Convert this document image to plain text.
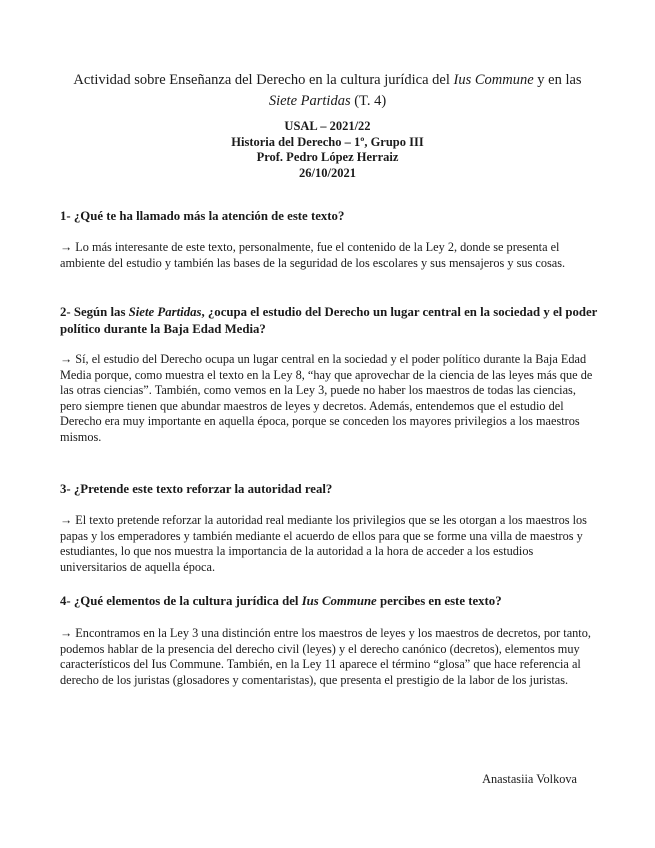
Actividad sobre Enseñanza del Derecho en la cultura jurídica del Ius Commune y en las
Siete Partidas (T. 4)
USAL – 2021/22
Historia del Derecho – 1º, Grupo III
Prof. Pedro López Herraiz
26/10/2021
1- ¿Qué te ha llamado más la atención de este texto?
→ Lo más interesante de este texto, personalmente, fue el contenido de la Ley 2, donde se presenta el ambiente del estudio y también las bases de la seguridad de los escolares y sus mensajeros y sus cosas.
2- Según las Siete Partidas, ¿ocupa el estudio del Derecho un lugar central en la sociedad y el poder político durante la Baja Edad Media?
→ Sí, el estudio del Derecho ocupa un lugar central en la sociedad y el poder político durante la Baja Edad Media porque, como muestra el texto en la Ley 8, “hay que aprovechar de la ciencia de las leyes más que de las otras ciencias”. También, como vemos en la Ley 3, puede no haber los maestros de todas las ciencias, pero siempre tienen que abundar maestros de leyes y decretos. Además, entendemos que el estudio del Derecho era muy importante en aquella época, porque se conceden los mayores privilegios a los maestros mismos.
3- ¿Pretende este texto reforzar la autoridad real?
→ El texto pretende reforzar la autoridad real mediante los privilegios que se les otorgan a los maestros los papas y los emperadores y también mediante el acuerdo de ellos para que se forme una villa de maestros y estudiantes, lo que nos muestra la importancia de la autoridad a la hora de acceder a los estudios universitarios de aquella época.
4- ¿Qué elementos de la cultura jurídica del Ius Commune percibes en este texto?
→ Encontramos en la Ley 3 una distinción entre los maestros de leyes y los maestros de decretos, por tanto, podemos hablar de la presencia del derecho civil (leyes) y el derecho canónico (decretos), elementos muy característicos del Ius Commune. También, en la Ley 11 aparece el término “glosa” que hace referencia al derecho de los juristas (glosadores y comentaristas), que presenta el prestigio de la labor de los juristas.
Anastasiia Volkova
